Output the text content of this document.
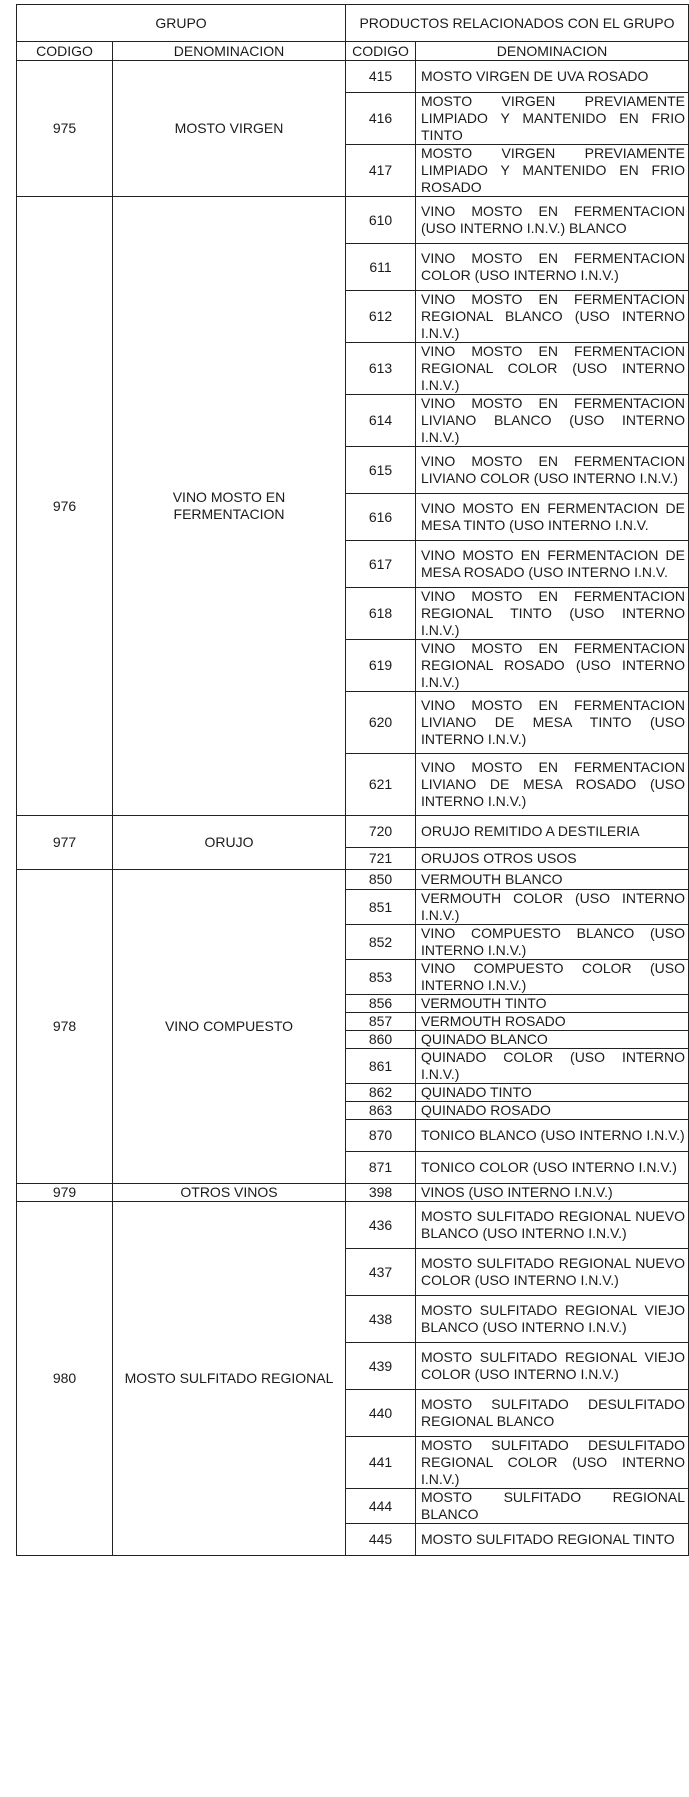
GRUPO		PRODUCTOS RELACIONADOS CON EL GRUPO	
CODIGO	DENOMINACION	CODIGO	DENOMINACION
975	MOSTO VIRGEN	415	MOSTO VIRGEN DE UVA ROSADO
		416	MOSTO VIRGEN PREVIAMENTE LIMPIADO Y MANTENIDO EN FRIO TINTO
		417	MOSTO VIRGEN PREVIAMENTE LIMPIADO Y MANTENIDO EN FRIO ROSADO
976	VINO MOSTO EN FERMENTACION	610	VINO MOSTO EN FERMENTACION (USO INTERNO I.N.V.) BLANCO
		611	VINO MOSTO EN FERMENTACION COLOR (USO INTERNO I.N.V.)
		612	VINO MOSTO EN FERMENTACION REGIONAL BLANCO (USO INTERNO I.N.V.)
		613	VINO MOSTO EN FERMENTACION REGIONAL COLOR (USO INTERNO I.N.V.)
		614	VINO MOSTO EN FERMENTACION LIVIANO BLANCO (USO INTERNO I.N.V.)
		615	VINO MOSTO EN FERMENTACION LIVIANO COLOR (USO INTERNO I.N.V.)
		616	VINO MOSTO EN FERMENTACION DE MESA TINTO (USO INTERNO I.N.V.
		617	VINO MOSTO EN FERMENTACION DE MESA ROSADO (USO INTERNO I.N.V.
		618	VINO MOSTO EN FERMENTACION REGIONAL TINTO (USO INTERNO I.N.V.)
		619	VINO MOSTO EN FERMENTACION REGIONAL ROSADO (USO INTERNO I.N.V.)
		620	VINO MOSTO EN FERMENTACION LIVIANO DE MESA TINTO (USO INTERNO I.N.V.)
		621	VINO MOSTO EN FERMENTACION LIVIANO DE MESA ROSADO (USO INTERNO I.N.V.)
977	ORUJO	720	ORUJO REMITIDO A DESTILERIA
		721	ORUJOS OTROS USOS
978	VINO COMPUESTO	850	VERMOUTH BLANCO
		851	VERMOUTH COLOR (USO INTERNO I.N.V.)
		852	VINO COMPUESTO BLANCO (USO INTERNO I.N.V.)
		853	VINO COMPUESTO COLOR (USO INTERNO I.N.V.)
		856	VERMOUTH TINTO
		857	VERMOUTH ROSADO
		860	QUINADO BLANCO
		861	QUINADO COLOR (USO INTERNO I.N.V.)
		862	QUINADO TINTO
		863	QUINADO ROSADO
		870	TONICO BLANCO (USO INTERNO I.N.V.)
		871	TONICO COLOR (USO INTERNO I.N.V.)
979	OTROS VINOS	398	VINOS (USO INTERNO I.N.V.)
980	MOSTO SULFITADO REGIONAL	436	MOSTO SULFITADO REGIONAL NUEVO BLANCO (USO INTERNO I.N.V.)
		437	MOSTO SULFITADO REGIONAL NUEVO COLOR (USO INTERNO I.N.V.)
		438	MOSTO SULFITADO REGIONAL VIEJO BLANCO (USO INTERNO I.N.V.)
		439	MOSTO SULFITADO REGIONAL VIEJO COLOR (USO INTERNO I.N.V.)
		440	MOSTO SULFITADO DESULFITADO REGIONAL BLANCO
		441	MOSTO SULFITADO DESULFITADO REGIONAL COLOR (USO INTERNO I.N.V.)
		444	MOSTO SULFITADO REGIONAL BLANCO
		445	MOSTO SULFITADO REGIONAL TINTO
